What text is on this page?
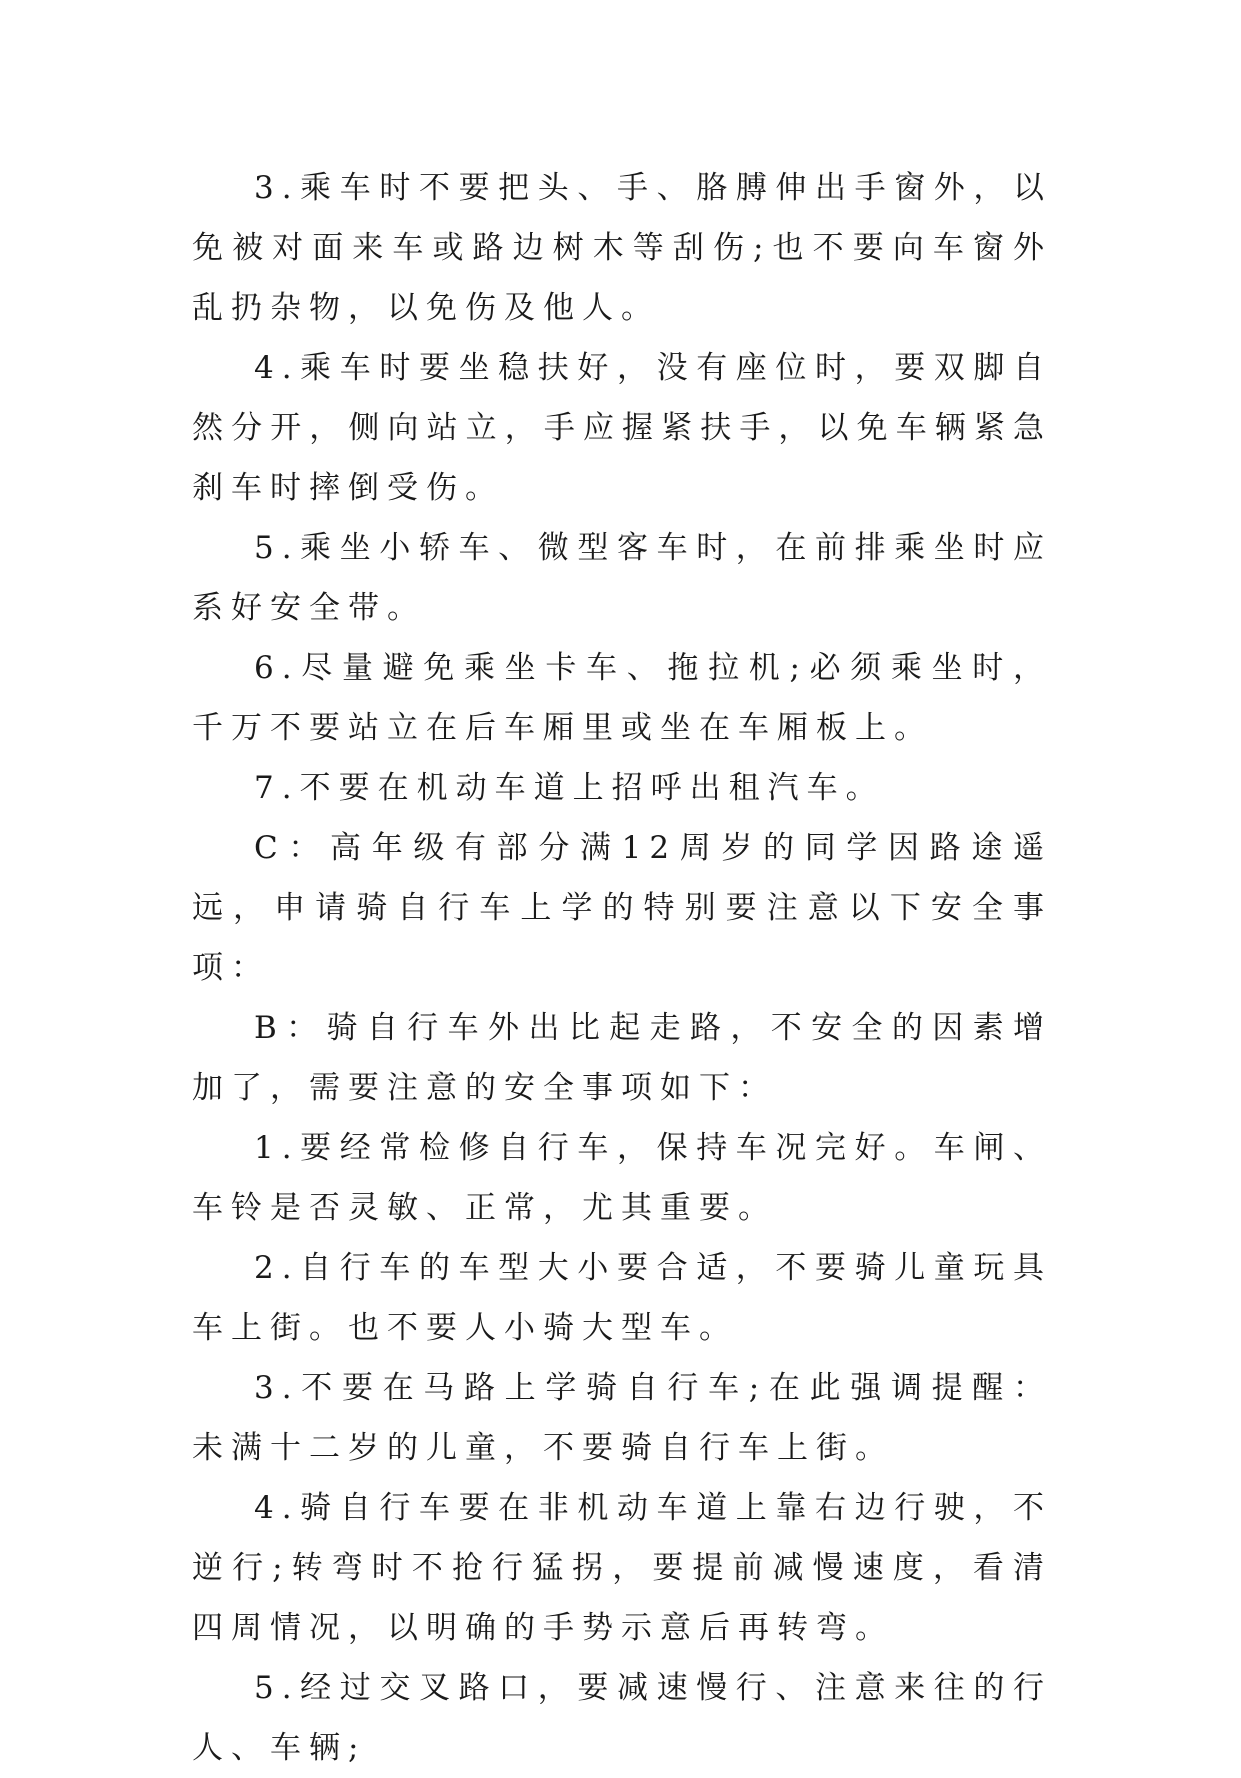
3.乘车时不要把头、手、胳膊伸出手窗外，以免被对面来车或路边树木等刮伤;也不要向车窗外乱扔杂物，以免伤及他人。

4.乘车时要坐稳扶好，没有座位时，要双脚自然分开，侧向站立，手应握紧扶手，以免车辆紧急刹车时摔倒受伤。

5.乘坐小轿车、微型客车时，在前排乘坐时应系好安全带。

6.尽量避免乘坐卡车、拖拉机;必须乘坐时，千万不要站立在后车厢里或坐在车厢板上。

7.不要在机动车道上招呼出租汽车。

C：高年级有部分满12周岁的同学因路途遥远，申请骑自行车上学的特别要注意以下安全事项：

B：骑自行车外出比起走路，不安全的因素增加了，需要注意的安全事项如下：

1.要经常检修自行车，保持车况完好。车闸、车铃是否灵敏、正常，尤其重要。

2.自行车的车型大小要合适，不要骑儿童玩具车上街。也不要人小骑大型车。

3.不要在马路上学骑自行车;在此强调提醒：未满十二岁的儿童，不要骑自行车上街。

4.骑自行车要在非机动车道上靠右边行驶，不逆行;转弯时不抢行猛拐，要提前减慢速度，看清四周情况，以明确的手势示意后再转弯。

5.经过交叉路口，要减速慢行、注意来往的行人、车辆;
